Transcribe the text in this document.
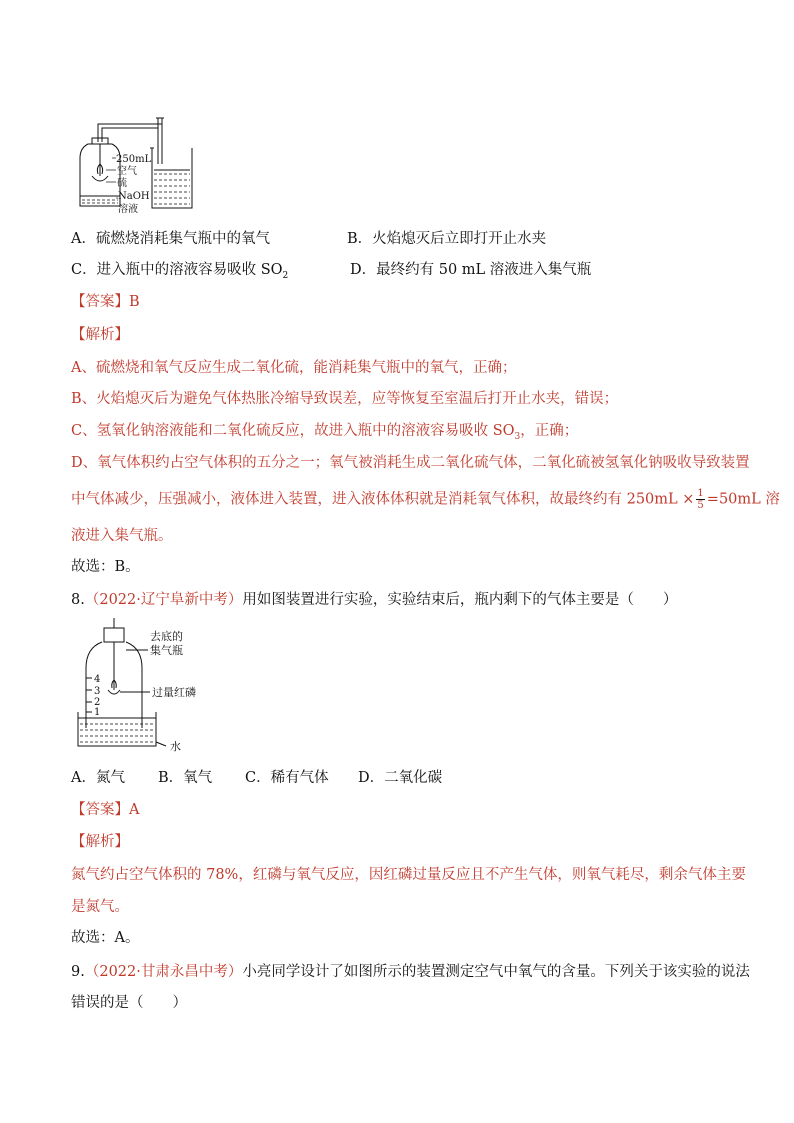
250mL
空气
硫
NaOH
溶液
A．硫燃烧消耗集气瓶中的氧气	B．火焰熄灭后立即打开止水夹
C．进入瓶中的溶液容易吸收 $SO_2$	D．最终约有 50 mL 溶液进入集气瓶
【答案】B
【解析】
A、硫燃烧和氧气反应生成二氧化硫，能消耗集气瓶中的氧气，正确；
B、火焰熄灭后为避免气体热胀冷缩导致误差，应等恢复至室温后打开止水夹，错误；
C、氢氧化钠溶液能和二氧化硫反应，故进入瓶中的溶液容易吸收 $SO_3$，正确；
D、氧气体积约占空气体积的五分之一；氧气被消耗生成二氧化硫气体，二氧化硫被氢氧化钠吸收导致装置
中气体减少，压强减小，液体进入装置，进入液体体积就是消耗氧气体积，故最终约有 $250mL \times \frac{1}{5} =50mL$ 溶
液进入集气瓶。
故选：B。
8.（2022·辽宁阜新中考）用如图装置进行实验，实验结束后，瓶内剩下的气体主要是（　　）
4
3
2
1
去底的
集气瓶
过量红磷
水
A．氮气 B．氧气 C．稀有气体 D．二氧化碳
【答案】A
【解析】
氮气约占空气体积的 78%，红磷与氧气反应，因红磷过量反应且不产生气体，则氧气耗尽，剩余气体主要
是氮气。
故选：A。
9.（2022·甘肃永昌中考）小亮同学设计了如图所示的装置测定空气中氧气的含量。下列关于该实验的说法
错误的是（　　）
